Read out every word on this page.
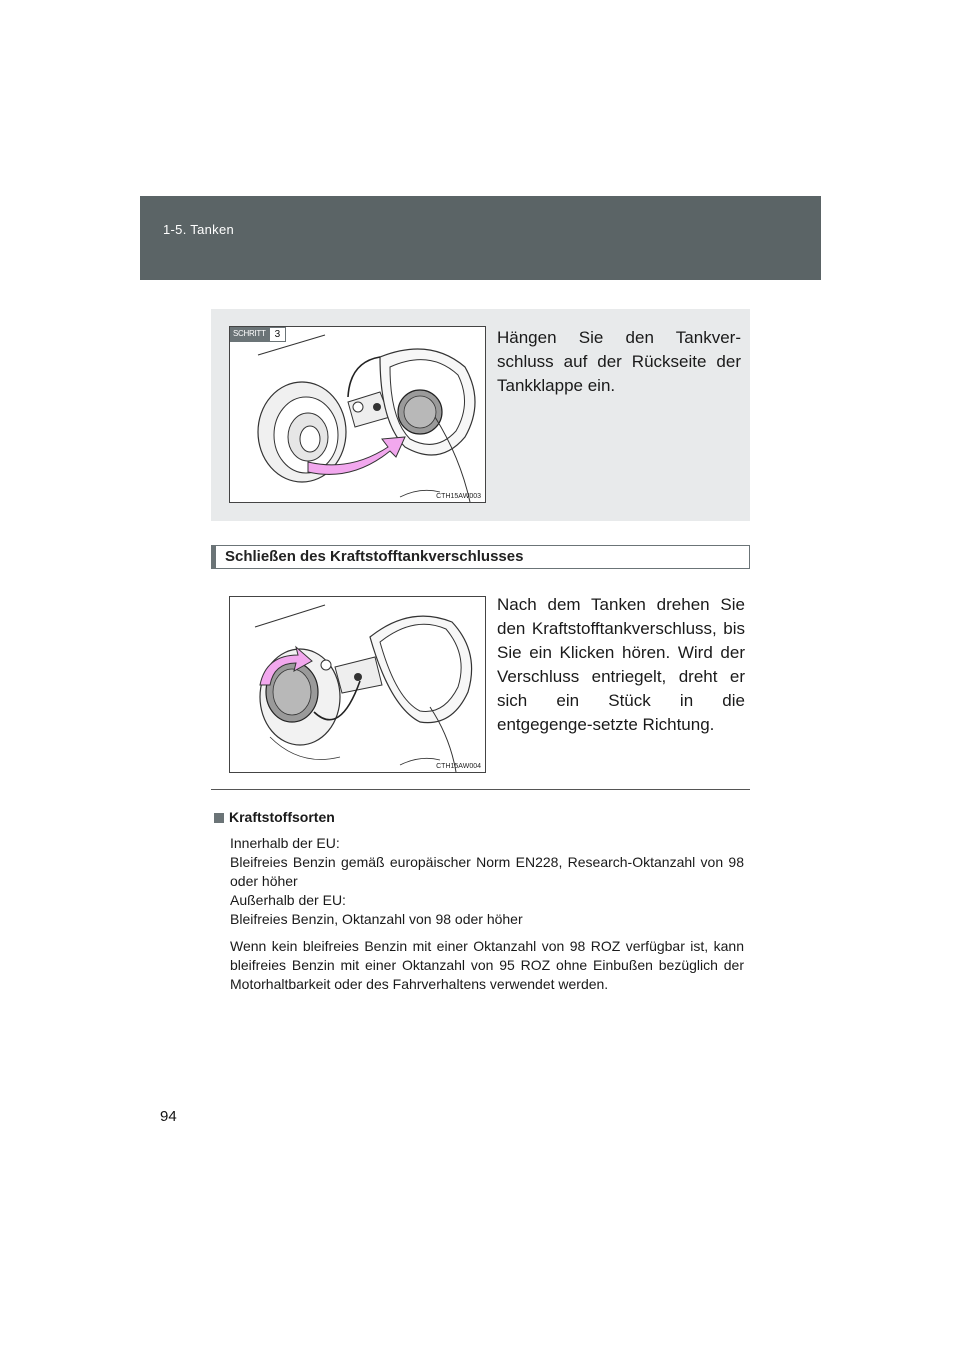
1-5. Tanken
SCHRITT 3
CTH15AW003
Hängen Sie den Tankver-schluss auf der Rückseite der Tankklappe ein.
Schließen des Kraftstofftankverschlusses
CTH15AW004
Nach dem Tanken drehen Sie den Kraftstofftankverschluss, bis Sie ein Klicken hören. Wird der Verschluss entriegelt, dreht er sich ein Stück in die entgegenge-setzte Richtung.
Kraftstoffsorten
Innerhalb der EU:
Bleifreies Benzin gemäß europäischer Norm EN228, Research-Oktanzahl von 98 oder höher
Außerhalb der EU:
Bleifreies Benzin, Oktanzahl von 98 oder höher
Wenn kein bleifreies Benzin mit einer Oktanzahl von 98 ROZ verfügbar ist, kann bleifreies Benzin mit einer Oktanzahl von 95 ROZ ohne Einbußen bezüglich der Motorhaltbarkeit oder des Fahrverhaltens verwendet werden.
94
